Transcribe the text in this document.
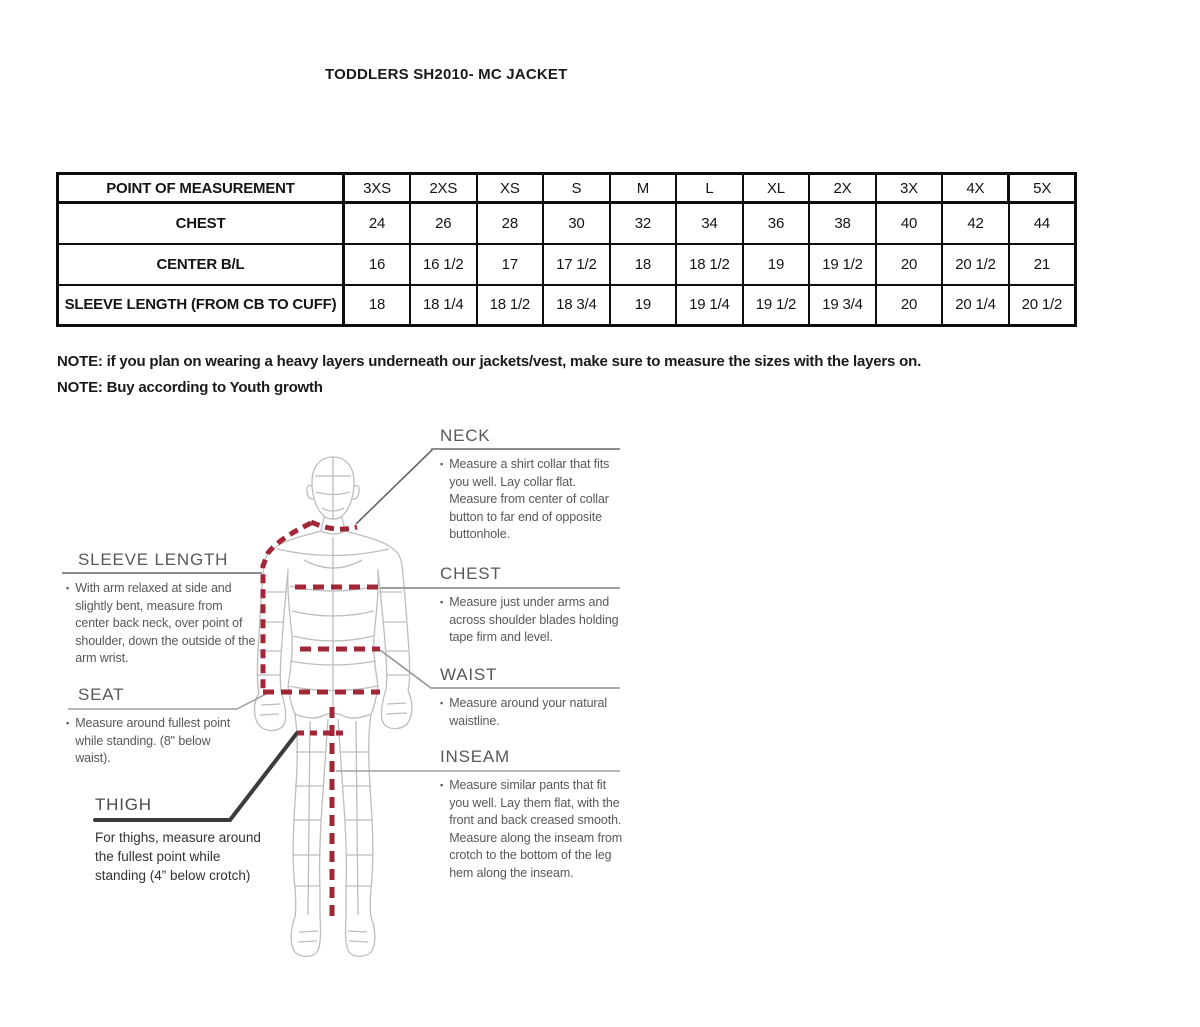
TODDLERS SH2010- MC JACKET
POINT OF MEASUREMENT	3XS	2XS	XS	S	M	L	XL	2X	3X	4X	5X
CHEST	24	26	28	30	32	34	36	38	40	42	44
CENTER B/L	16	16 1/2	17	17 1/2	18	18 1/2	19	19 1/2	20	20 1/2	21
SLEEVE LENGTH (FROM CB TO CUFF)	18	18 1/4	18 1/2	18 3/4	19	19 1/4	19 1/2	19 3/4	20	20 1/4	20 1/2

NOTE: if you plan on wearing a heavy layers underneath our jackets/vest, make sure to measure the sizes with the layers on.

NOTE: Buy according to Youth growth

NECK
▪ Measure a shirt collar that fits you well. Lay collar flat. Measure from center of collar button to far end of opposite buttonhole.
CHEST
▪ Measure just under arms and across shoulder blades holding tape firm and level.
WAIST
▪ Measure around your natural waistline.
INSEAM
▪ Measure similar pants that fit you well. Lay them flat, with the front and back creased smooth. Measure along the inseam from crotch to the bottom of the leg hem along the inseam.
SLEEVE LENGTH
▪ With arm relaxed at side and slightly bent, measure from center back neck, over point of shoulder, down the outside of the arm wrist.
SEAT
▪ Measure around fullest point while standing. (8" below waist).
THIGH
For thighs, measure around the fullest point while standing (4” below crotch)
